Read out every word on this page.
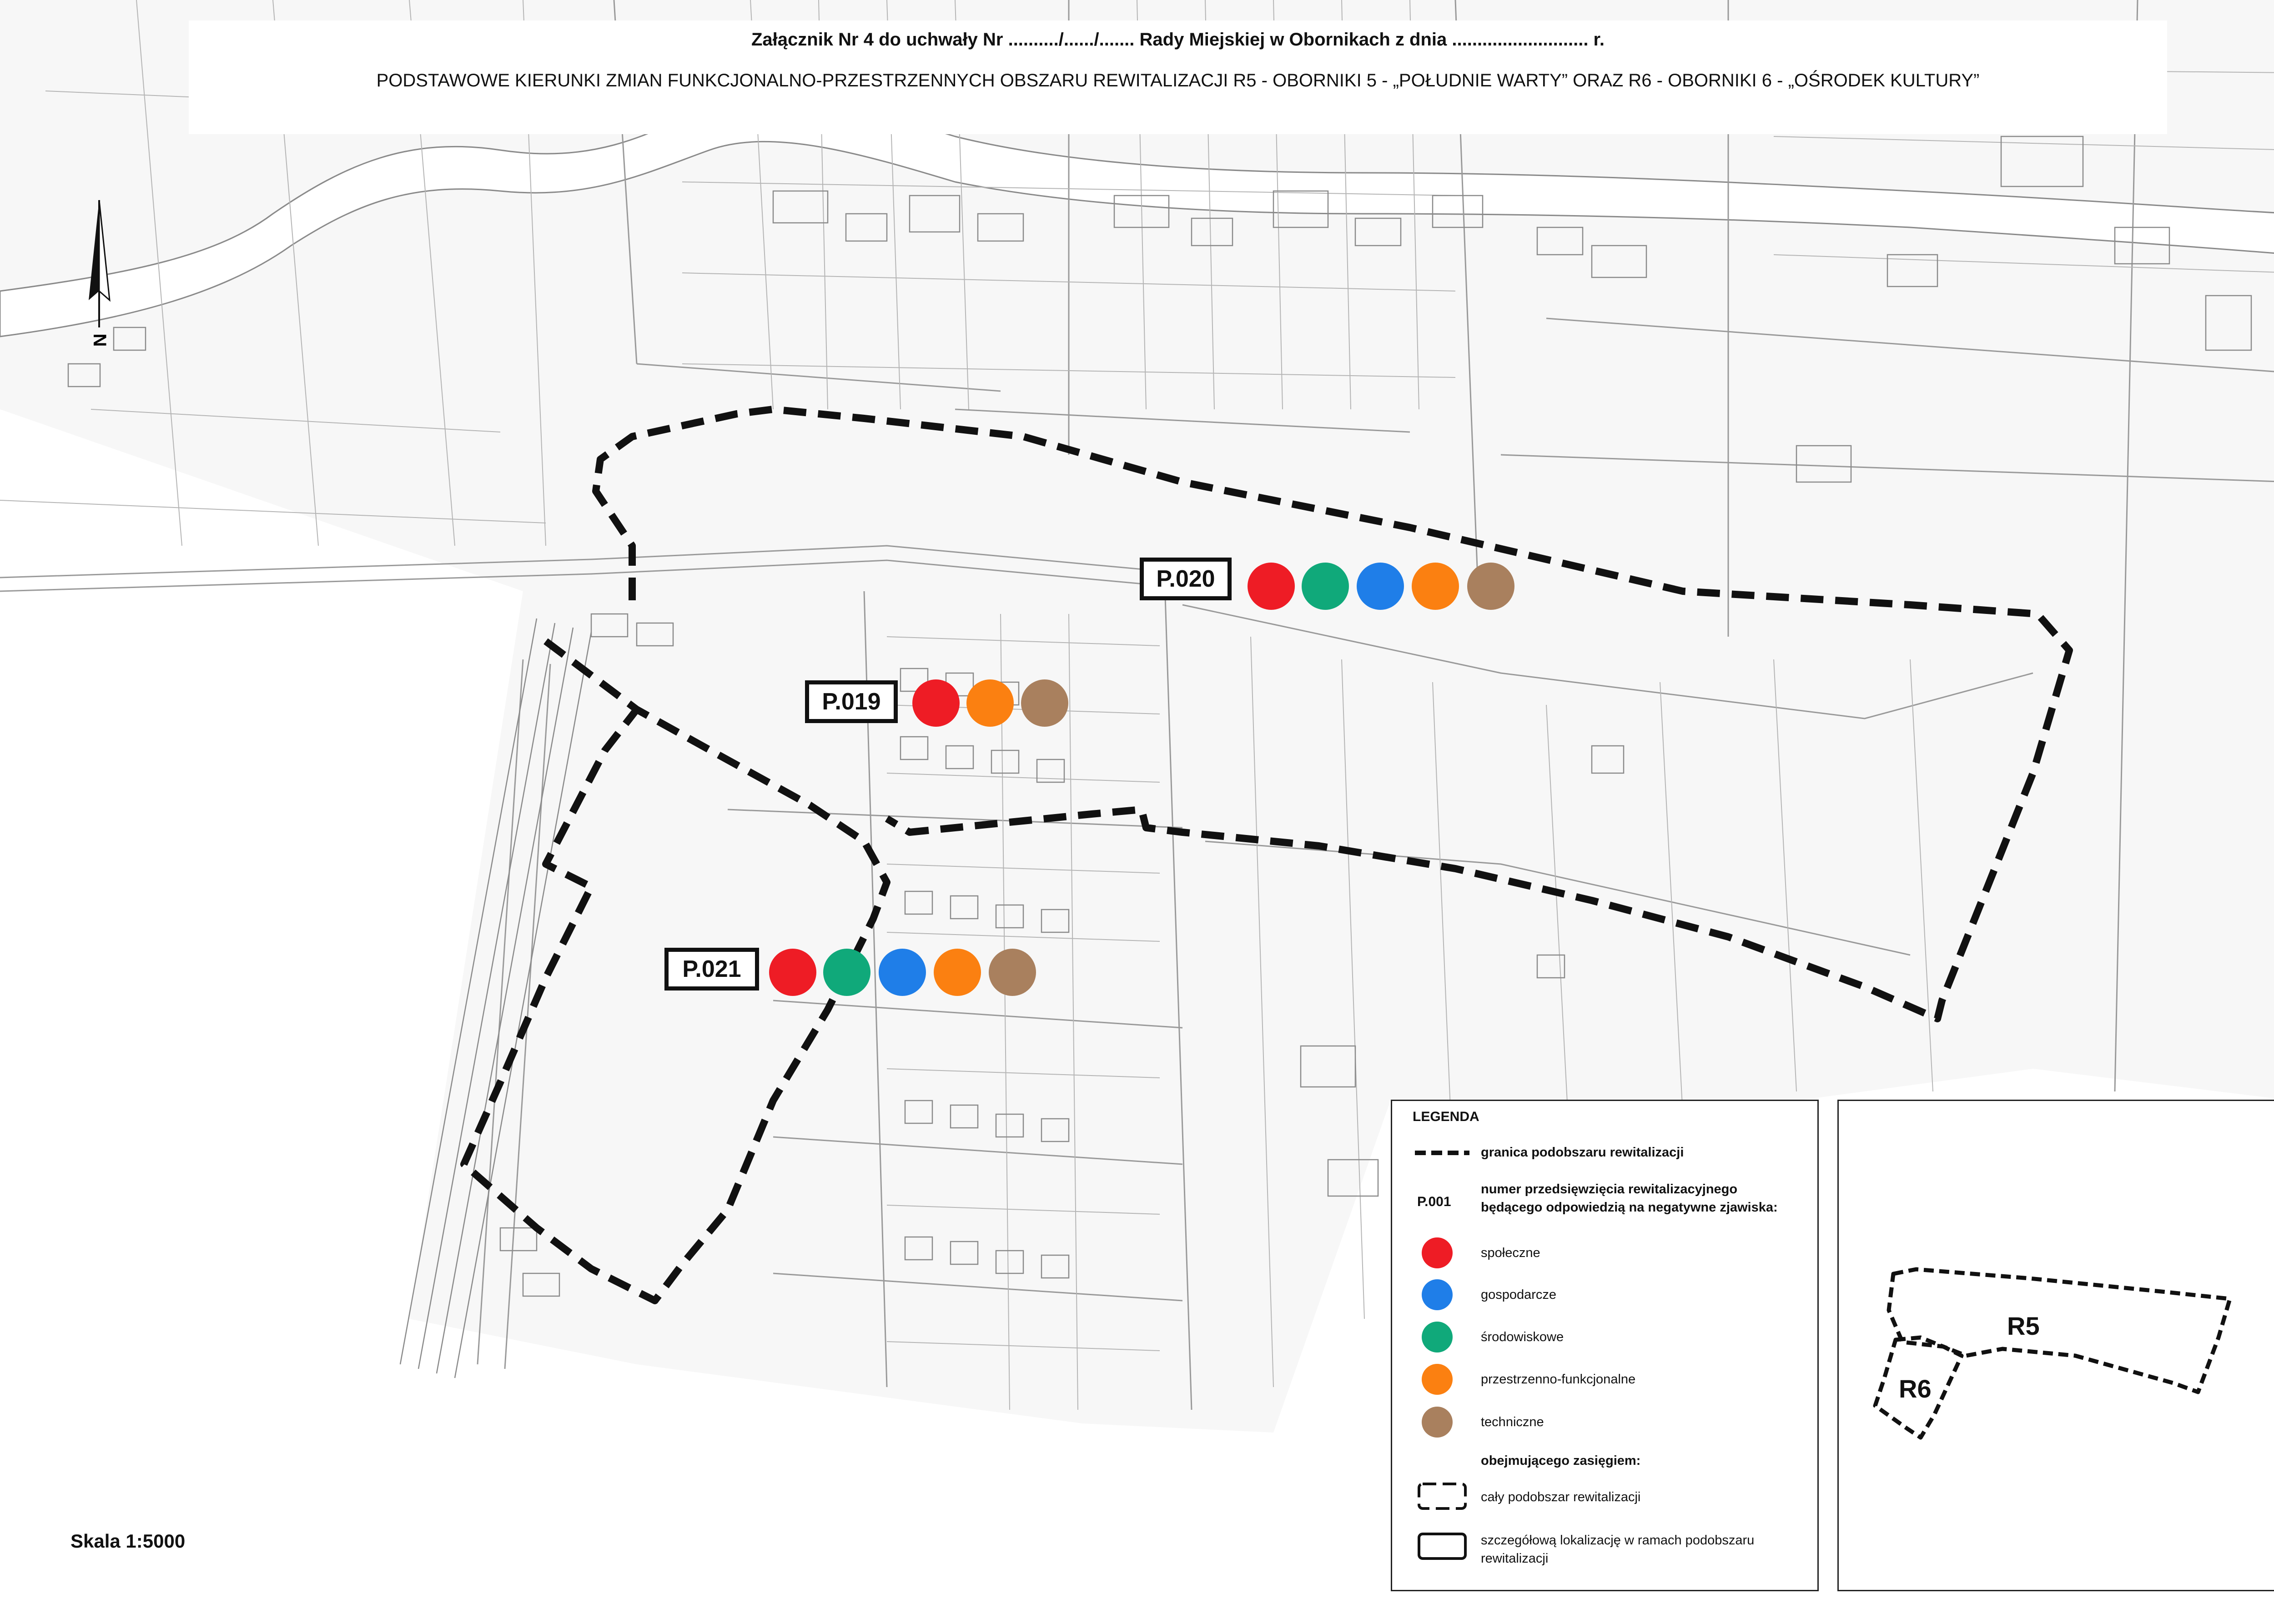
N
Załącznik Nr 4 do uchwały Nr ........../....../....... Rady Miejskiej w Obornikach z dnia ........................... r.
PODSTAWOWE KIERUNKI ZMIAN FUNKCJONALNO-PRZESTRZENNYCH OBSZARU REWITALIZACJI R5 - OBORNIKI 5 - „POŁUDNIE WARTY” ORAZ R6 - OBORNIKI 6 - „OŚRODEK KULTURY”
P.020
P.019
P.021
Skala 1:5000
LEGENDA
granica podobszaru rewitalizacji
P.001
numer przedsięwzięcia rewitalizacyjnego
będącego odpowiedzią na negatywne zjawiska:
społeczne
gospodarcze
środowiskowe
przestrzenno-funkcjonalne
techniczne
obejmującego zasięgiem:
cały podobszar rewitalizacji
szczegółową lokalizację w ramach podobszaru
rewitalizacji
R5
R6
